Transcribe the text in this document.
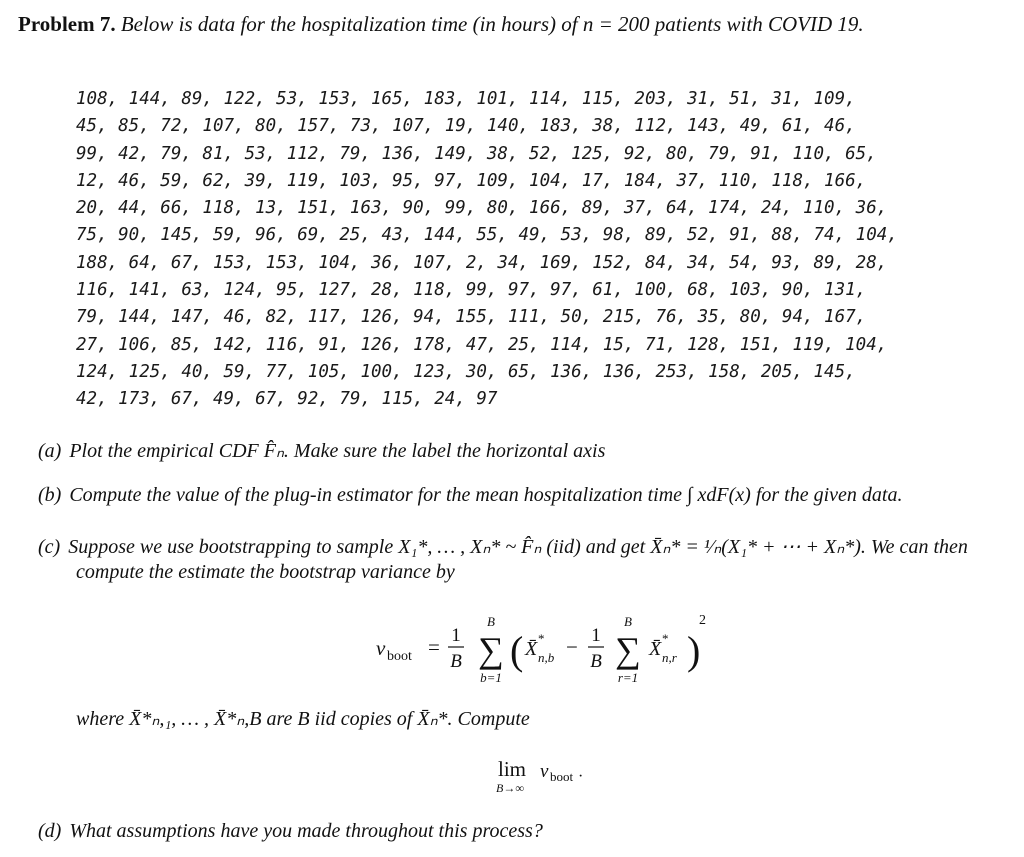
Problem 7. Below is data for the hospitalization time (in hours) of n = 200 patients with COVID 19.
108, 144, 89, 122, 53, 153, 165, 183, 101, 114, 115, 203, 31, 51, 31, 109,
45, 85, 72, 107, 80, 157, 73, 107, 19, 140, 183, 38, 112, 143, 49, 61, 46,
99, 42, 79, 81, 53, 112, 79, 136, 149, 38, 52, 125, 92, 80, 79, 91, 110, 65,
12, 46, 59, 62, 39, 119, 103, 95, 97, 109, 104, 17, 184, 37, 110, 118, 166,
20, 44, 66, 118, 13, 151, 163, 90, 99, 80, 166, 89, 37, 64, 174, 24, 110, 36,
75, 90, 145, 59, 96, 69, 25, 43, 144, 55, 49, 53, 98, 89, 52, 91, 88, 74, 104,
188, 64, 67, 153, 153, 104, 36, 107, 2, 34, 169, 152, 84, 34, 54, 93, 89, 28,
116, 141, 63, 124, 95, 127, 28, 118, 99, 97, 97, 61, 100, 68, 103, 90, 131,
79, 144, 147, 46, 82, 117, 126, 94, 155, 111, 50, 215, 76, 35, 80, 94, 167,
27, 106, 85, 142, 116, 91, 126, 178, 47, 25, 114, 15, 71, 128, 151, 119, 104,
124, 125, 40, 59, 77, 105, 100, 123, 30, 65, 136, 136, 253, 158, 205, 145,
42, 173, 67, 49, 67, 92, 79, 115, 24, 97
(a) Plot the empirical CDF F̂ₙ. Make sure the label the horizontal axis
(b) Compute the value of the plug-in estimator for the mean hospitalization time ∫ xdF(x) for the given data.
(c) Suppose we use bootstrapping to sample X₁*, … , Xₙ* ~ F̂ₙ (iid) and get X̄ₙ* = ¹⁄ₙ(X₁* + ⋯ + Xₙ*). We can then
compute the estimate the bootstrap variance by
v boot = 1
B
B
∑
b=1
( X̄ *
n,b − 1
B
B
∑
r=1
X̄ *
n,r )
2
where X̄*ₙ,₁, … , X̄*ₙ,B are B iid copies of X̄ₙ*. Compute
lim
B→∞
v boot ·
(d) What assumptions have you made throughout this process?
